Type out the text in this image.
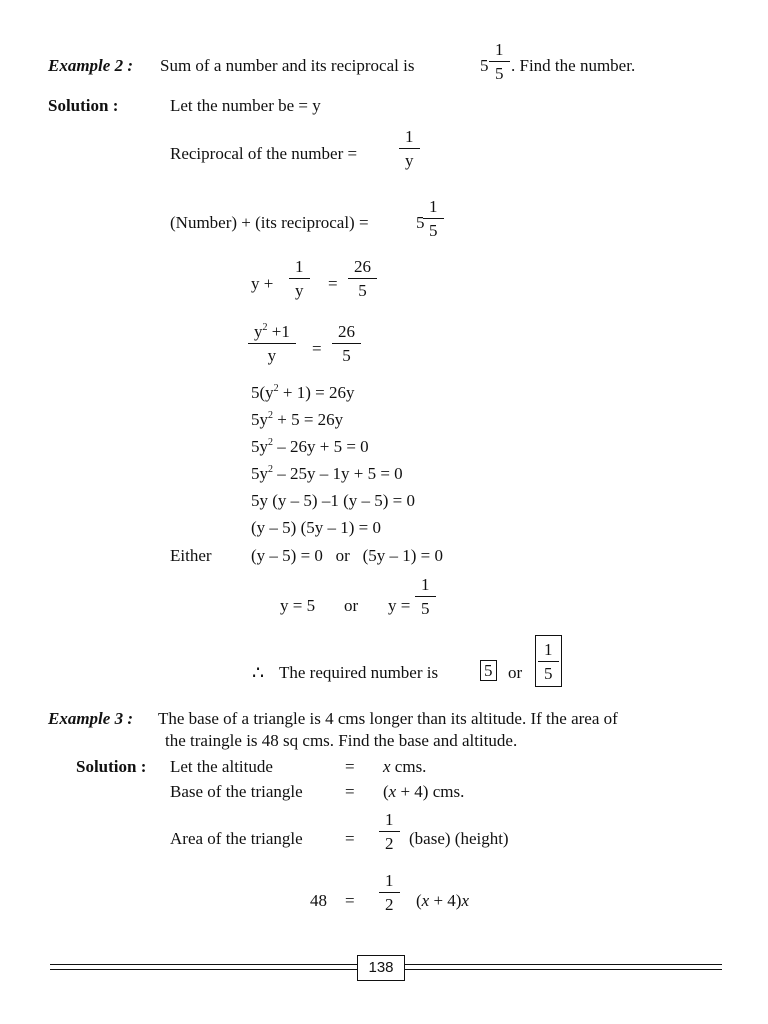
Example 2 : Sum of a number and its reciprocal is	$5 \frac{1}{5}$ . Find the number.
Solution :	Let the number be = y
Reciprocal of the number =	$\frac{1}{y}$
(Number) + (its reciprocal) =	$5 \frac{1}{5}$
$y + \frac{1}{y} = \frac{26}{5}$
$\frac{y^2 +1}{y} = \frac{26}{5}$
$5(y^2 + 1) = 26y$
$5y^2 + 5 = 26y$
$5y^2 - 26y + 5 = 0$
$5y^2 - 25y - 1y + 5 = 0$
5y (y – 5) –1 (y – 5) = 0
(y – 5) (5y – 1) = 0
Either (y – 5) = 0   or   (5y – 1) = 0
y = 5 or $y = \frac{1}{5}$
∴ The required number is	5 or $\frac{1}{5}$
Example 3 : The base of a triangle is 4 cms longer than its altitude. If the area of
the traingle is 48 sq cms. Find the base and altitude.
Solution : Let the altitude	= x cms.
Base of the triangle = (x + 4) cms.
Area of the triangle = $\frac{1}{2}$ (base) (height)
$48 = \frac{1}{2} (x + 4)x$
138
